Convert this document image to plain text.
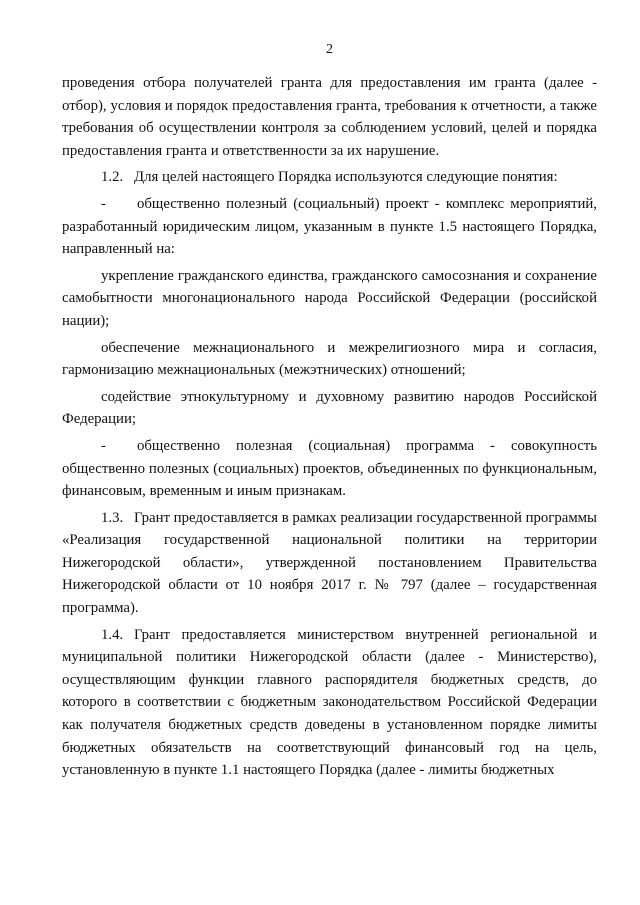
2

проведения отбора получателей гранта для предоставления им гранта (далее - отбор), условия и порядок предоставления гранта, требования к отчетности, а также требования об осуществлении контроля за соблюдением условий, целей и порядка предоставления гранта и ответственности за их нарушение.

1.2. Для целей настоящего Порядка используются следующие понятия:

- общественно полезный (социальный) проект - комплекс мероприятий, разработанный юридическим лицом, указанным в пункте 1.5 настоящего Порядка, направленный на:

укрепление гражданского единства, гражданского самосознания и сохранение самобытности многонационального народа Российской Федерации (российской нации);

обеспечение межнационального и межрелигиозного мира и согласия, гармонизацию межнациональных (межэтнических) отношений;

содействие этнокультурному и духовному развитию народов Российской Федерации;

- общественно полезная (социальная) программа - совокупность общественно полезных (социальных) проектов, объединенных по функциональным, финансовым, временным и иным признакам.

1.3. Грант предоставляется в рамках реализации государственной программы «Реализация государственной национальной политики на территории Нижегородской области», утвержденной постановлением Правительства Нижегородской области от 10 ноября 2017 г. № 797 (далее – государственная программа).

1.4. Грант предоставляется министерством внутренней региональной и муниципальной политики Нижегородской области (далее - Министерство), осуществляющим функции главного распорядителя бюджетных средств, до которого в соответствии с бюджетным законодательством Российской Федерации как получателя бюджетных средств доведены в установленном порядке лимиты бюджетных обязательств на соответствующий финансовый год на цель, установленную в пункте 1.1 настоящего Порядка (далее - лимиты бюджетных
